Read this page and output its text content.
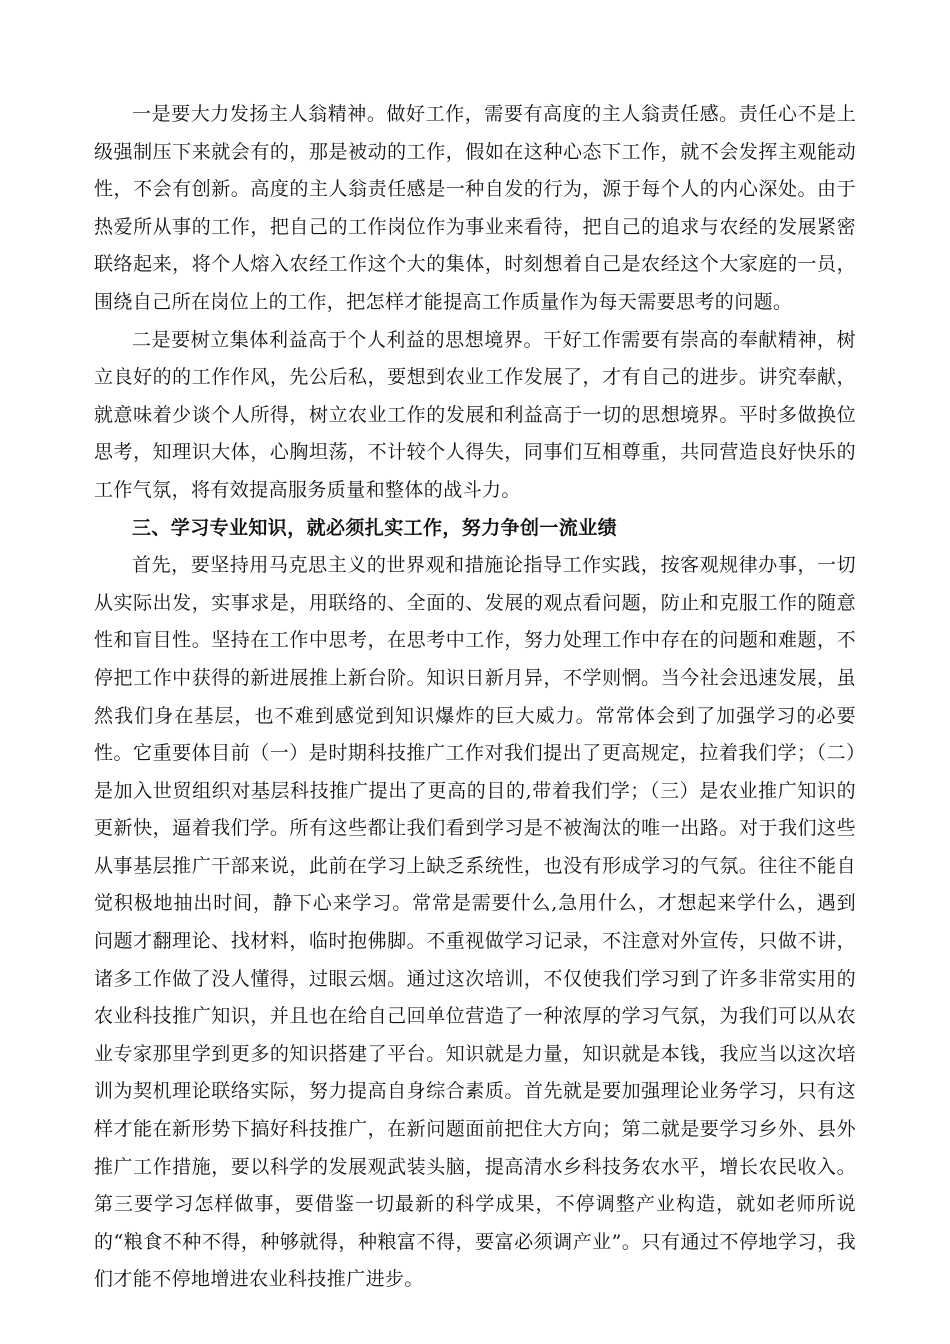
一是要大力发扬主人翁精神。做好工作，需要有高度的主人翁责任感。责任心不是上级强制压下来就会有的，那是被动的工作，假如在这种心态下工作，就不会发挥主观能动性，不会有创新。高度的主人翁责任感是一种自发的行为，源于每个人的内心深处。由于热爱所从事的工作，把自己的工作岗位作为事业来看待，把自己的追求与农经的发展紧密联络起来，将个人熔入农经工作这个大的集体，时刻想着自己是农经这个大家庭的一员，围绕自己所在岗位上的工作，把怎样才能提高工作质量作为每天需要思考的问题。

二是要树立集体利益高于个人利益的思想境界。干好工作需要有崇高的奉献精神，树立良好的的工作作风，先公后私，要想到农业工作发展了，才有自己的进步。讲究奉献，就意味着少谈个人所得，树立农业工作的发展和利益高于一切的思想境界。平时多做换位思考，知理识大体，心胸坦荡，不计较个人得失，同事们互相尊重，共同营造良好快乐的工作气氛，将有效提高服务质量和整体的战斗力。

三、学习专业知识，就必须扎实工作，努力争创一流业绩

首先，要坚持用马克思主义的世界观和措施论指导工作实践，按客观规律办事，一切从实际出发，实事求是，用联络的、全面的、发展的观点看问题，防止和克服工作的随意性和盲目性。坚持在工作中思考，在思考中工作，努力处理工作中存在的问题和难题，不停把工作中获得的新进展推上新台阶。知识日新月异，不学则惘。当今社会迅速发展，虽然我们身在基层，也不难到感觉到知识爆炸的巨大威力。常常体会到了加强学习的必要性。它重要体目前（一）是时期科技推广工作对我们提出了更高规定，拉着我们学；（二）是加入世贸组织对基层科技推广提出了更高的目的,带着我们学；（三）是农业推广知识的更新快，逼着我们学。所有这些都让我们看到学习是不被淘汰的唯一出路。对于我们这些从事基层推广干部来说，此前在学习上缺乏系统性，也没有形成学习的气氛。往往不能自觉积极地抽出时间，静下心来学习。常常是需要什么,急用什么，才想起来学什么，遇到问题才翻理论、找材料，临时抱佛脚。不重视做学习记录，不注意对外宣传，只做不讲，诸多工作做了没人懂得，过眼云烟。通过这次培训，不仅使我们学习到了许多非常实用的农业科技推广知识，并且也在给自己回单位营造了一种浓厚的学习气氛，为我们可以从农业专家那里学到更多的知识搭建了平台。知识就是力量，知识就是本钱，我应当以这次培训为契机理论联络实际，努力提高自身综合素质。首先就是要加强理论业务学习，只有这样才能在新形势下搞好科技推广，在新问题面前把住大方向；第二就是要学习乡外、县外推广工作措施，要以科学的发展观武装头脑，提高清水乡科技务农水平，增长农民收入。第三要学习怎样做事，要借鉴一切最新的科学成果，不停调整产业构造，就如老师所说的“粮食不种不得，种够就得，种粮富不得，要富必须调产业”。只有通过不停地学习，我们才能不停地增进农业科技推广进步。
